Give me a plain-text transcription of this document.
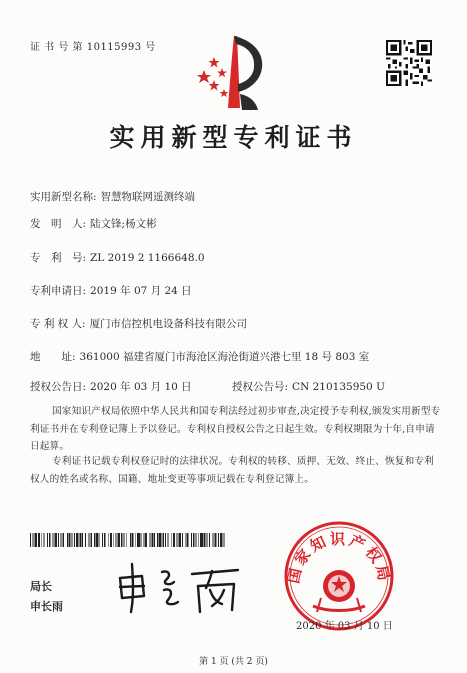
证 书 号 第 10115993 号
实用新型专利证书
实用新型名称: 智慧物联网遥测终端
发　明　人: 陆文锋;杨文彬
专　利　号: ZL 2019 2 1166648.0
专利申请日: 2019 年 07 月 24 日
专 利 权 人: 厦门市信控机电设备科技有限公司
地　　址: 361000 福建省厦门市海沧区海沧街道兴港七里 18 号 803 室
授权公告日: 2020 年 03 月 10 日	授权公告号: CN 210135950 U
国家知识产权局依照中华人民共和国专利法经过初步审查,决定授予专利权,颁发实用新型专利证书并在专利登记簿上予以登记。专利权自授权公告之日起生效。专利权期限为十年,自申请日起算。
专利证书记载专利权登记时的法律状况。专利权的转移、质押、无效、终止、恢复和专利权人的姓名或名称、国籍、地址变更等事项记载在专利登记簿上。
局长
申长雨
国家知识产权局
2020 年 03 月 10 日
第 1 页 (共 2 页)
